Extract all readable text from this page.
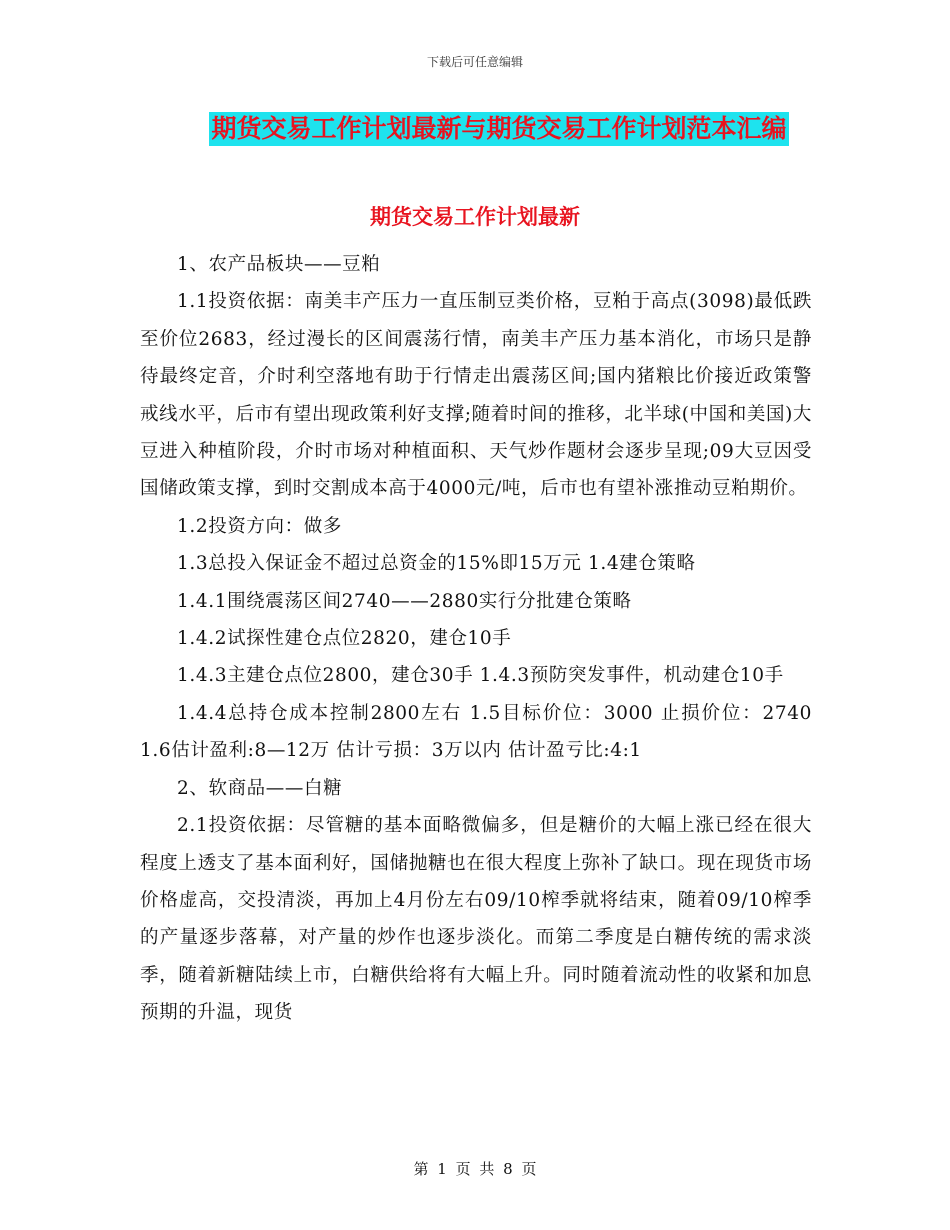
下载后可任意编辑
期货交易工作计划最新与期货交易工作计划范本汇编
期货交易工作计划最新

1、农产品板块——豆粕

1.1投资依据：南美丰产压力一直压制豆类价格，豆粕于高点(3098)最低跌至价位2683，经过漫长的区间震荡行情，南美丰产压力基本消化，市场只是静待最终定音，介时利空落地有助于行情走出震荡区间;国内猪粮比价接近政策警戒线水平，后市有望出现政策利好支撑;随着时间的推移，北半球(中国和美国)大豆进入种植阶段，介时市场对种植面积、天气炒作题材会逐步呈现;09大豆因受国储政策支撑，到时交割成本高于4000元/吨，后市也有望补涨推动豆粕期价。

1.2投资方向：做多

1.3总投入保证金不超过总资金的15%即15万元 1.4建仓策略

1.4.1围绕震荡区间2740——2880实行分批建仓策略

1.4.2试探性建仓点位2820，建仓10手

1.4.3主建仓点位2800，建仓30手 1.4.3预防突发事件，机动建仓10手

1.4.4总持仓成本控制2800左右 1.5目标价位：3000 止损价位：2740 1.6估计盈利:8—12万 估计亏损：3万以内 估计盈亏比:4:1

2、软商品——白糖

2.1投资依据：尽管糖的基本面略微偏多，但是糖价的大幅上涨已经在很大程度上透支了基本面利好，国储抛糖也在很大程度上弥补了缺口。现在现货市场价格虚高，交投清淡，再加上4月份左右09/10榨季就将结束，随着09/10榨季的产量逐步落幕，对产量的炒作也逐步淡化。而第二季度是白糖传统的需求淡季，随着新糖陆续上市，白糖供给将有大幅上升。同时随着流动性的收紧和加息预期的升温，现货

第 1 页 共 8 页
